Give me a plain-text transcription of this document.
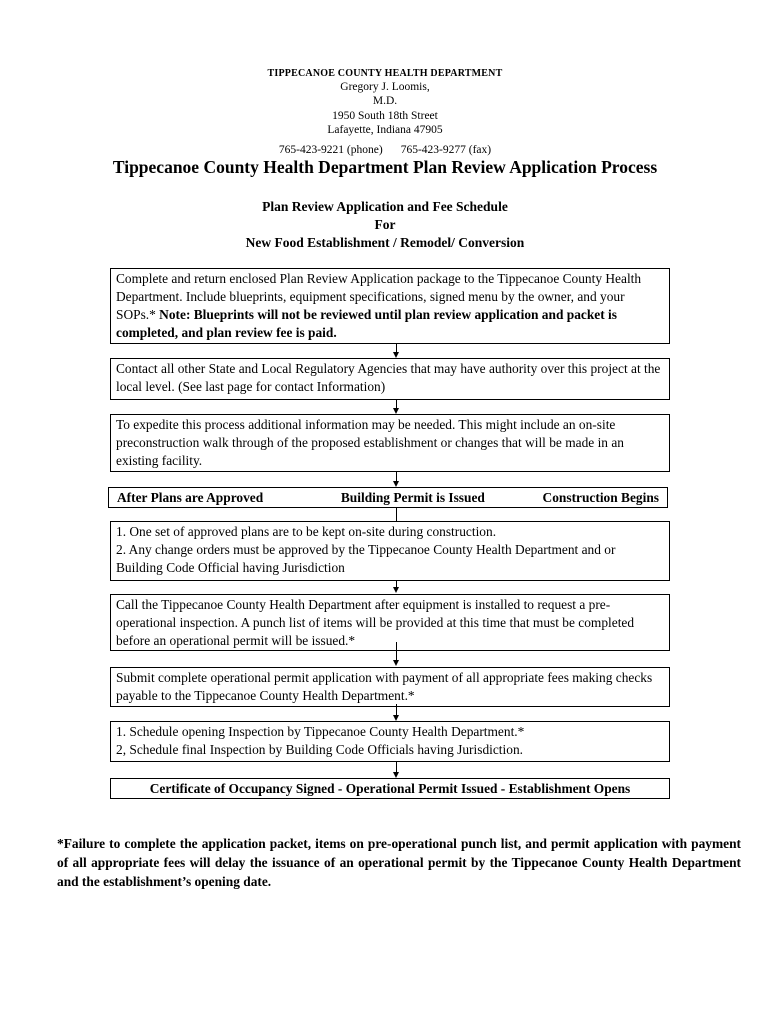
TIPPECANOE COUNTY HEALTH DEPARTMENT
Gregory J. Loomis,
M.D.
1950 South 18th Street
Lafayette, Indiana 47905
765-423-9221 (phone) 765-423-9277 (fax)
Tippecanoe County Health Department Plan Review Application Process
Plan Review Application and Fee Schedule
For
New Food Establishment / Remodel/ Conversion
Complete and return enclosed Plan Review Application package to the Tippecanoe County Health Department. Include blueprints, equipment specifications, signed menu by the owner, and your SOPs.* Note: Blueprints will not be reviewed until plan review application and packet is completed, and plan review fee is paid.
Contact all other State and Local Regulatory Agencies that may have authority over this project at the local level. (See last page for contact Information)
To expedite this process additional information may be needed. This might include an on-site preconstruction walk through of the proposed establishment or changes that will be made in an existing facility.
After Plans are Approved	Building Permit is Issued	Construction Begins
1. One set of approved plans are to be kept on-site during construction.
2. Any change orders must be approved by the Tippecanoe County Health Department and or Building Code Official having Jurisdiction
Call the Tippecanoe County Health Department after equipment is installed to request a pre-operational inspection. A punch list of items will be provided at this time that must be completed before an operational permit will be issued.*
Submit complete operational permit application with payment of all appropriate fees making checks payable to the Tippecanoe County Health Department.*
1. Schedule opening Inspection by Tippecanoe County Health Department.*
2, Schedule final Inspection by Building Code Officials having Jurisdiction.
Certificate of Occupancy Signed - Operational Permit Issued - Establishment Opens
*Failure to complete the application packet, items on pre-operational punch list, and permit application with payment of all appropriate fees will delay the issuance of an operational permit by the Tippecanoe County Health Department and the establishment’s opening date.
